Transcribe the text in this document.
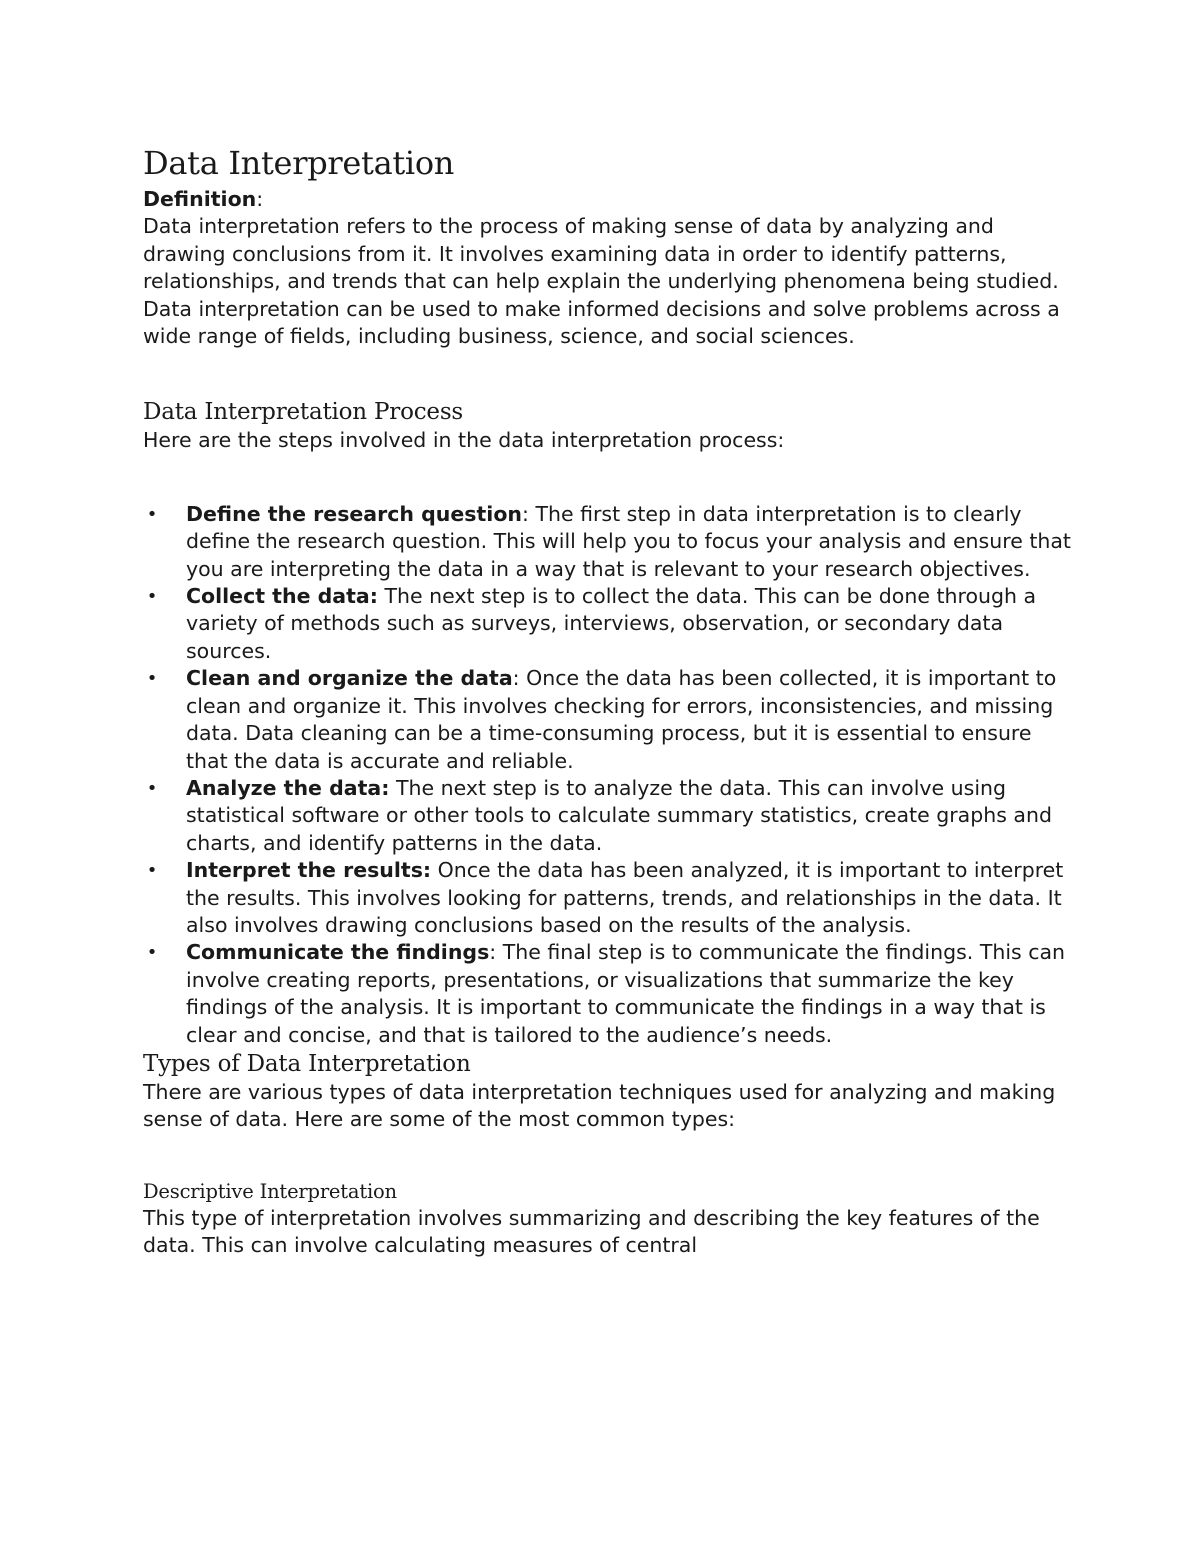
Data Interpretation

Definition:

Data interpretation refers to the process of making sense of data by analyzing and drawing conclusions from it. It involves examining data in order to identify patterns, relationships, and trends that can help explain the underlying phenomena being studied. Data interpretation can be used to make informed decisions and solve problems across a wide range of fields, including business, science, and social sciences.

Data Interpretation Process

Here are the steps involved in the data interpretation process:

• Define the research question: The first step in data interpretation is to clearly define the research question. This will help you to focus your analysis and ensure that you are interpreting the data in a way that is relevant to your research objectives.
• Collect the data: The next step is to collect the data. This can be done through a variety of methods such as surveys, interviews, observation, or secondary data sources.
• Clean and organize the data: Once the data has been collected, it is important to clean and organize it. This involves checking for errors, inconsistencies, and missing data. Data cleaning can be a time-consuming process, but it is essential to ensure that the data is accurate and reliable.
• Analyze the data: The next step is to analyze the data. This can involve using statistical software or other tools to calculate summary statistics, create graphs and charts, and identify patterns in the data.
• Interpret the results: Once the data has been analyzed, it is important to interpret the results. This involves looking for patterns, trends, and relationships in the data. It also involves drawing conclusions based on the results of the analysis.
• Communicate the findings: The final step is to communicate the findings. This can involve creating reports, presentations, or visualizations that summarize the key findings of the analysis. It is important to communicate the findings in a way that is clear and concise, and that is tailored to the audience’s needs.
Types of Data Interpretation

There are various types of data interpretation techniques used for analyzing and making sense of data. Here are some of the most common types:

Descriptive Interpretation

This type of interpretation involves summarizing and describing the key features of the data. This can involve calculating measures of central
